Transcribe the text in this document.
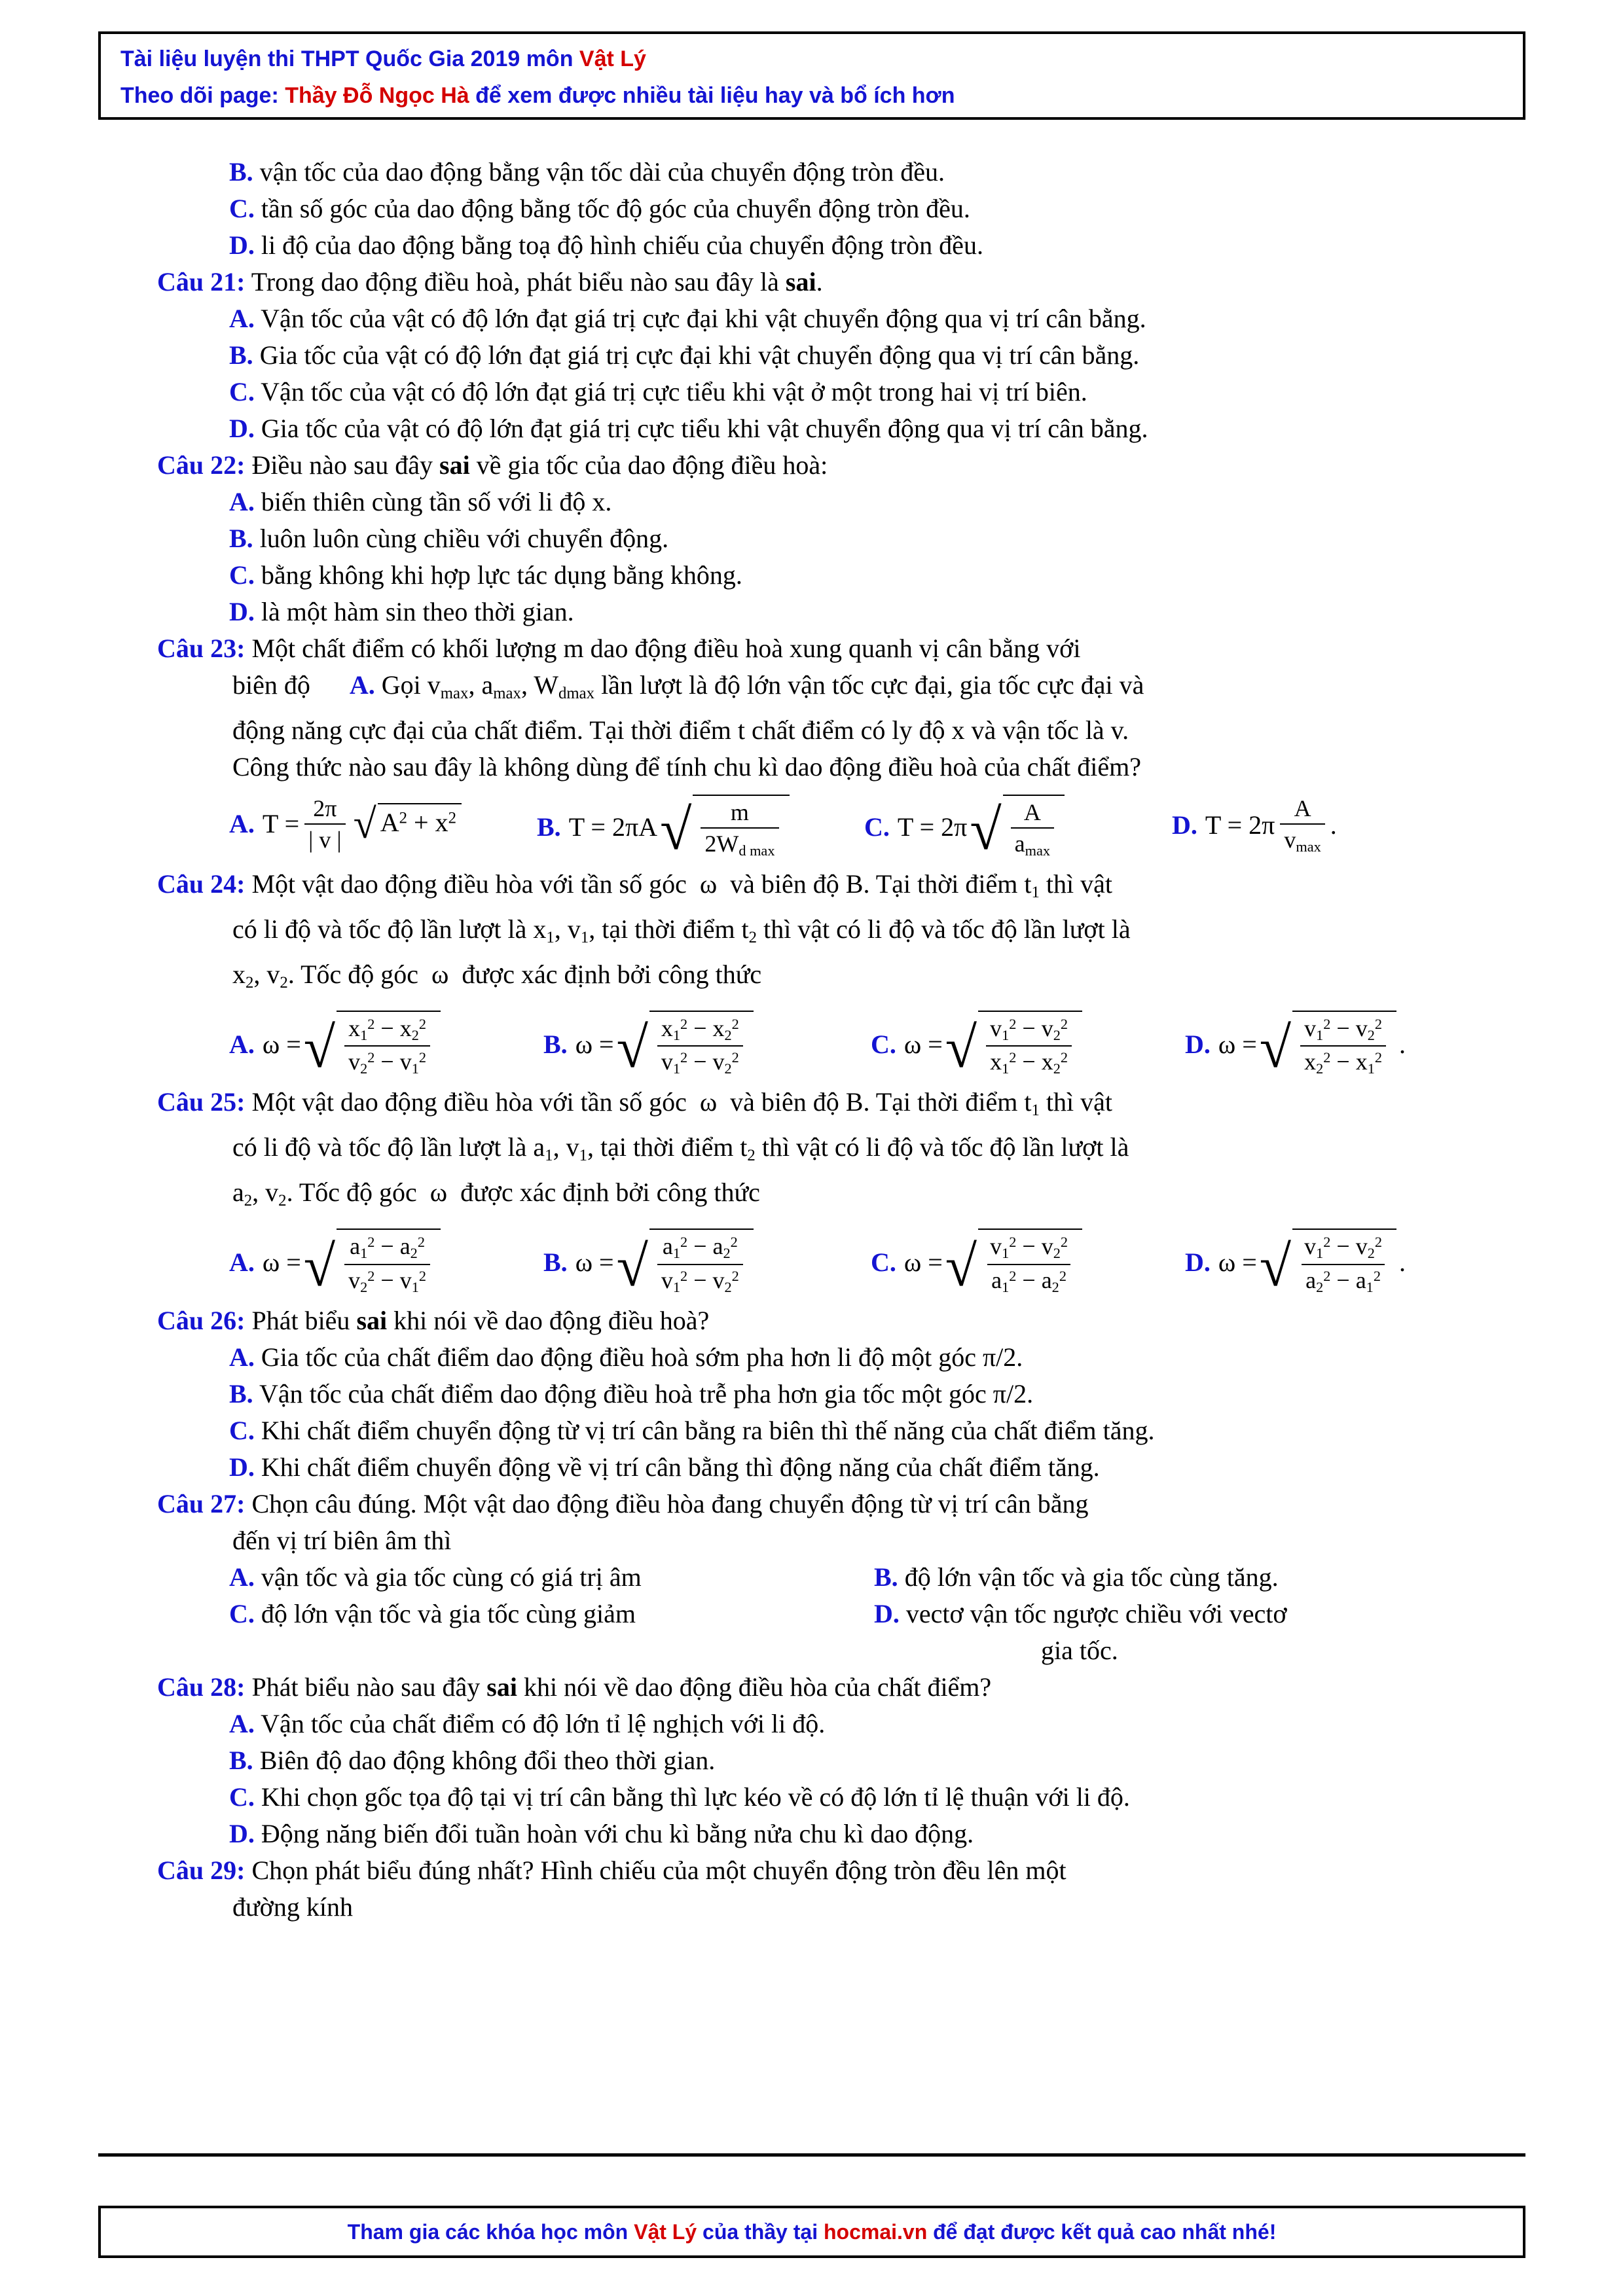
Tài liệu luyện thi THPT Quốc Gia 2019 môn Vật Lý
Theo dõi page: Thầy Đỗ Ngọc Hà để xem được nhiều tài liệu hay và bổ ích hơn
B. vận tốc của dao động bằng vận tốc dài của chuyển động tròn đều.
C. tần số góc của dao động bằng tốc độ góc của chuyển động tròn đều.
D. li độ của dao động bằng toạ độ hình chiếu của chuyển động tròn đều.
Câu 21: Trong dao động điều hoà, phát biểu nào sau đây là sai.
A. Vận tốc của vật có độ lớn đạt giá trị cực đại khi vật chuyển động qua vị trí cân bằng.
B. Gia tốc của vật có độ lớn đạt giá trị cực đại khi vật chuyển động qua vị trí cân bằng.
C. Vận tốc của vật có độ lớn đạt giá trị cực tiểu khi vật ở một trong hai vị trí biên.
D. Gia tốc của vật có độ lớn đạt giá trị cực tiểu khi vật chuyển động qua vị trí cân bằng.
Câu 22: Điều nào sau đây sai về gia tốc của dao động điều hoà:
A. biến thiên cùng tần số với li độ x.
B. luôn luôn cùng chiều với chuyển động.
C. bằng không khi hợp lực tác dụng bằng không.
D. là một hàm sin theo thời gian.
Câu 23: Một chất điểm có khối lượng m dao động điều hoà xung quanh vị cân bằng với
biên độ      A. Gọi $v_{max}$, $a_{max}$, $W_{dmax}$ lần lượt là độ lớn vận tốc cực đại, gia tốc cực đại và
động năng cực đại của chất điểm. Tại thời điểm t chất điểm có ly độ x và vận tốc là v.
Công thức nào sau đây là không dùng để tính chu kì dao động điều hoà của chất điểm?
A. $T = \frac{2\pi}{| v |}$ √ $A^2 + x^2$	B. T = 2πA √ $\frac{m}{2W_{d max}}$	C. T = 2π √ $\frac{A}{a_{max}}$	D. $T = 2\pi \frac{A}{v_{max}}$ .
Câu 24: Một vật dao động điều hòa với tần số góc  ω  và biên độ B. Tại thời điểm $t_1$ thì vật
có li độ và tốc độ lần lượt là $x_1$, $v_1$, tại thời điểm $t_2$ thì vật có li độ và tốc độ lần lượt là
$x_2$, $v_2$. Tốc độ góc  ω  được xác định bởi công thức
A. ω = √ $\frac{x_1^2 - x_2^2}{v_2^2 - v_1^2}$	B. ω = √ $\frac{x_1^2 - x_2^2}{v_1^2 - v_2^2}$	C. ω = √ $\frac{v_1^2 - v_2^2}{x_1^2 - x_2^2}$	D. ω = √ $\frac{v_1^2 - v_2^2}{x_2^2 - x_1^2}$ .
Câu 25: Một vật dao động điều hòa với tần số góc  ω  và biên độ B. Tại thời điểm $t_1$ thì vật
có li độ và tốc độ lần lượt là $a_1$, $v_1$, tại thời điểm $t_2$ thì vật có li độ và tốc độ lần lượt là
$a_2$, $v_2$. Tốc độ góc  ω  được xác định bởi công thức
A. ω = √ $\frac{a_1^2 - a_2^2}{v_2^2 - v_1^2}$	B. ω = √ $\frac{a_1^2 - a_2^2}{v_1^2 - v_2^2}$	C. ω = √ $\frac{v_1^2 - v_2^2}{a_1^2 - a_2^2}$	D. ω = √ $\frac{v_1^2 - v_2^2}{a_2^2 - a_1^2}$ .
Câu 26: Phát biểu sai khi nói về dao động điều hoà?
A. Gia tốc của chất điểm dao động điều hoà sớm pha hơn li độ một góc π/2.
B. Vận tốc của chất điểm dao động điều hoà trễ pha hơn gia tốc một góc π/2.
C. Khi chất điểm chuyển động từ vị trí cân bằng ra biên thì thế năng của chất điểm tăng.
D. Khi chất điểm chuyển động về vị trí cân bằng thì động năng của chất điểm tăng.
Câu 27: Chọn câu đúng. Một vật dao động điều hòa đang chuyển động từ vị trí cân bằng
đến vị trí biên âm thì
A. vận tốc và gia tốc cùng có giá trị âm	B. độ lớn vận tốc và gia tốc cùng tăng.
C. độ lớn vận tốc và gia tốc cùng giảm	D. vectơ vận tốc ngược chiều với vectơ
gia tốc.
Câu 28: Phát biểu nào sau đây sai khi nói về dao động điều hòa của chất điểm?
A. Vận tốc của chất điểm có độ lớn tỉ lệ nghịch với li độ.
B. Biên độ dao động không đổi theo thời gian.
C. Khi chọn gốc tọa độ tại vị trí cân bằng thì lực kéo về có độ lớn tỉ lệ thuận với li độ.
D. Động năng biến đổi tuần hoàn với chu kì bằng nửa chu kì dao động.
Câu 29: Chọn phát biểu đúng nhất? Hình chiếu của một chuyển động tròn đều lên một
đường kính
Tham gia các khóa học môn Vật Lý của thầy tại hocmai.vn để đạt được kết quả cao nhất nhé!
